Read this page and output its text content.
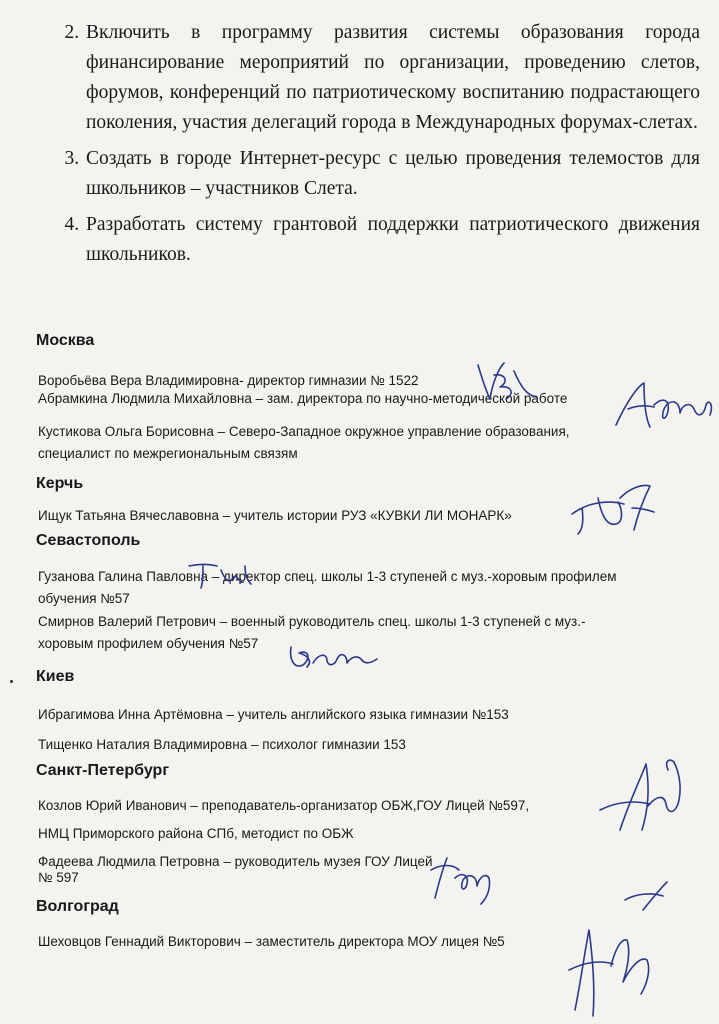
2. Включить в программу развития системы образования города финансирование мероприятий по организации, проведению слетов, форумов, конференций по патриотическому воспитанию подрастающего поколения, участия делегаций города в Международных форумах-слетах.
3. Создать в городе Интернет-ресурс с целью проведения телемостов для школьников – участников Слета.
4. Разработать систему грантовой поддержки патриотического движения школьников.

Москва

Воробьёва Вера Владимировна- директор гимназии № 1522

Абрамкина Людмила Михайловна – зам. директора по научно-методической работе

Кустикова Ольга Борисовна – Северо-Западное окружное управление образования,

специалист по межрегиональным связям

Керчь

Ищук Татьяна Вячеславовна – учитель истории РУЗ «КУВКИ ЛИ МОНАРК»

Севастополь

Гузанова Галина Павловна – директор спец. школы 1-3 ступеней с муз.-хоровым профилем

обучения №57

Смирнов Валерий Петрович – военный руководитель спец. школы 1-3 ступеней с муз.-

хоровым профилем обучения №57

Киев

Ибрагимова Инна Артёмовна – учитель английского языка гимназии №153

Тищенко Наталия Владимировна – психолог гимназии 153

Санкт-Петербург

Козлов Юрий Иванович – преподаватель-организатор ОБЖ,ГОУ Лицей №597,

НМЦ Приморского района СПб, методист по ОБЖ

Фадеева Людмила Петровна – руководитель музея ГОУ Лицей

№ 597

Волгоград

Шеховцов Геннадий Викторович – заместитель директора МОУ лицея №5
